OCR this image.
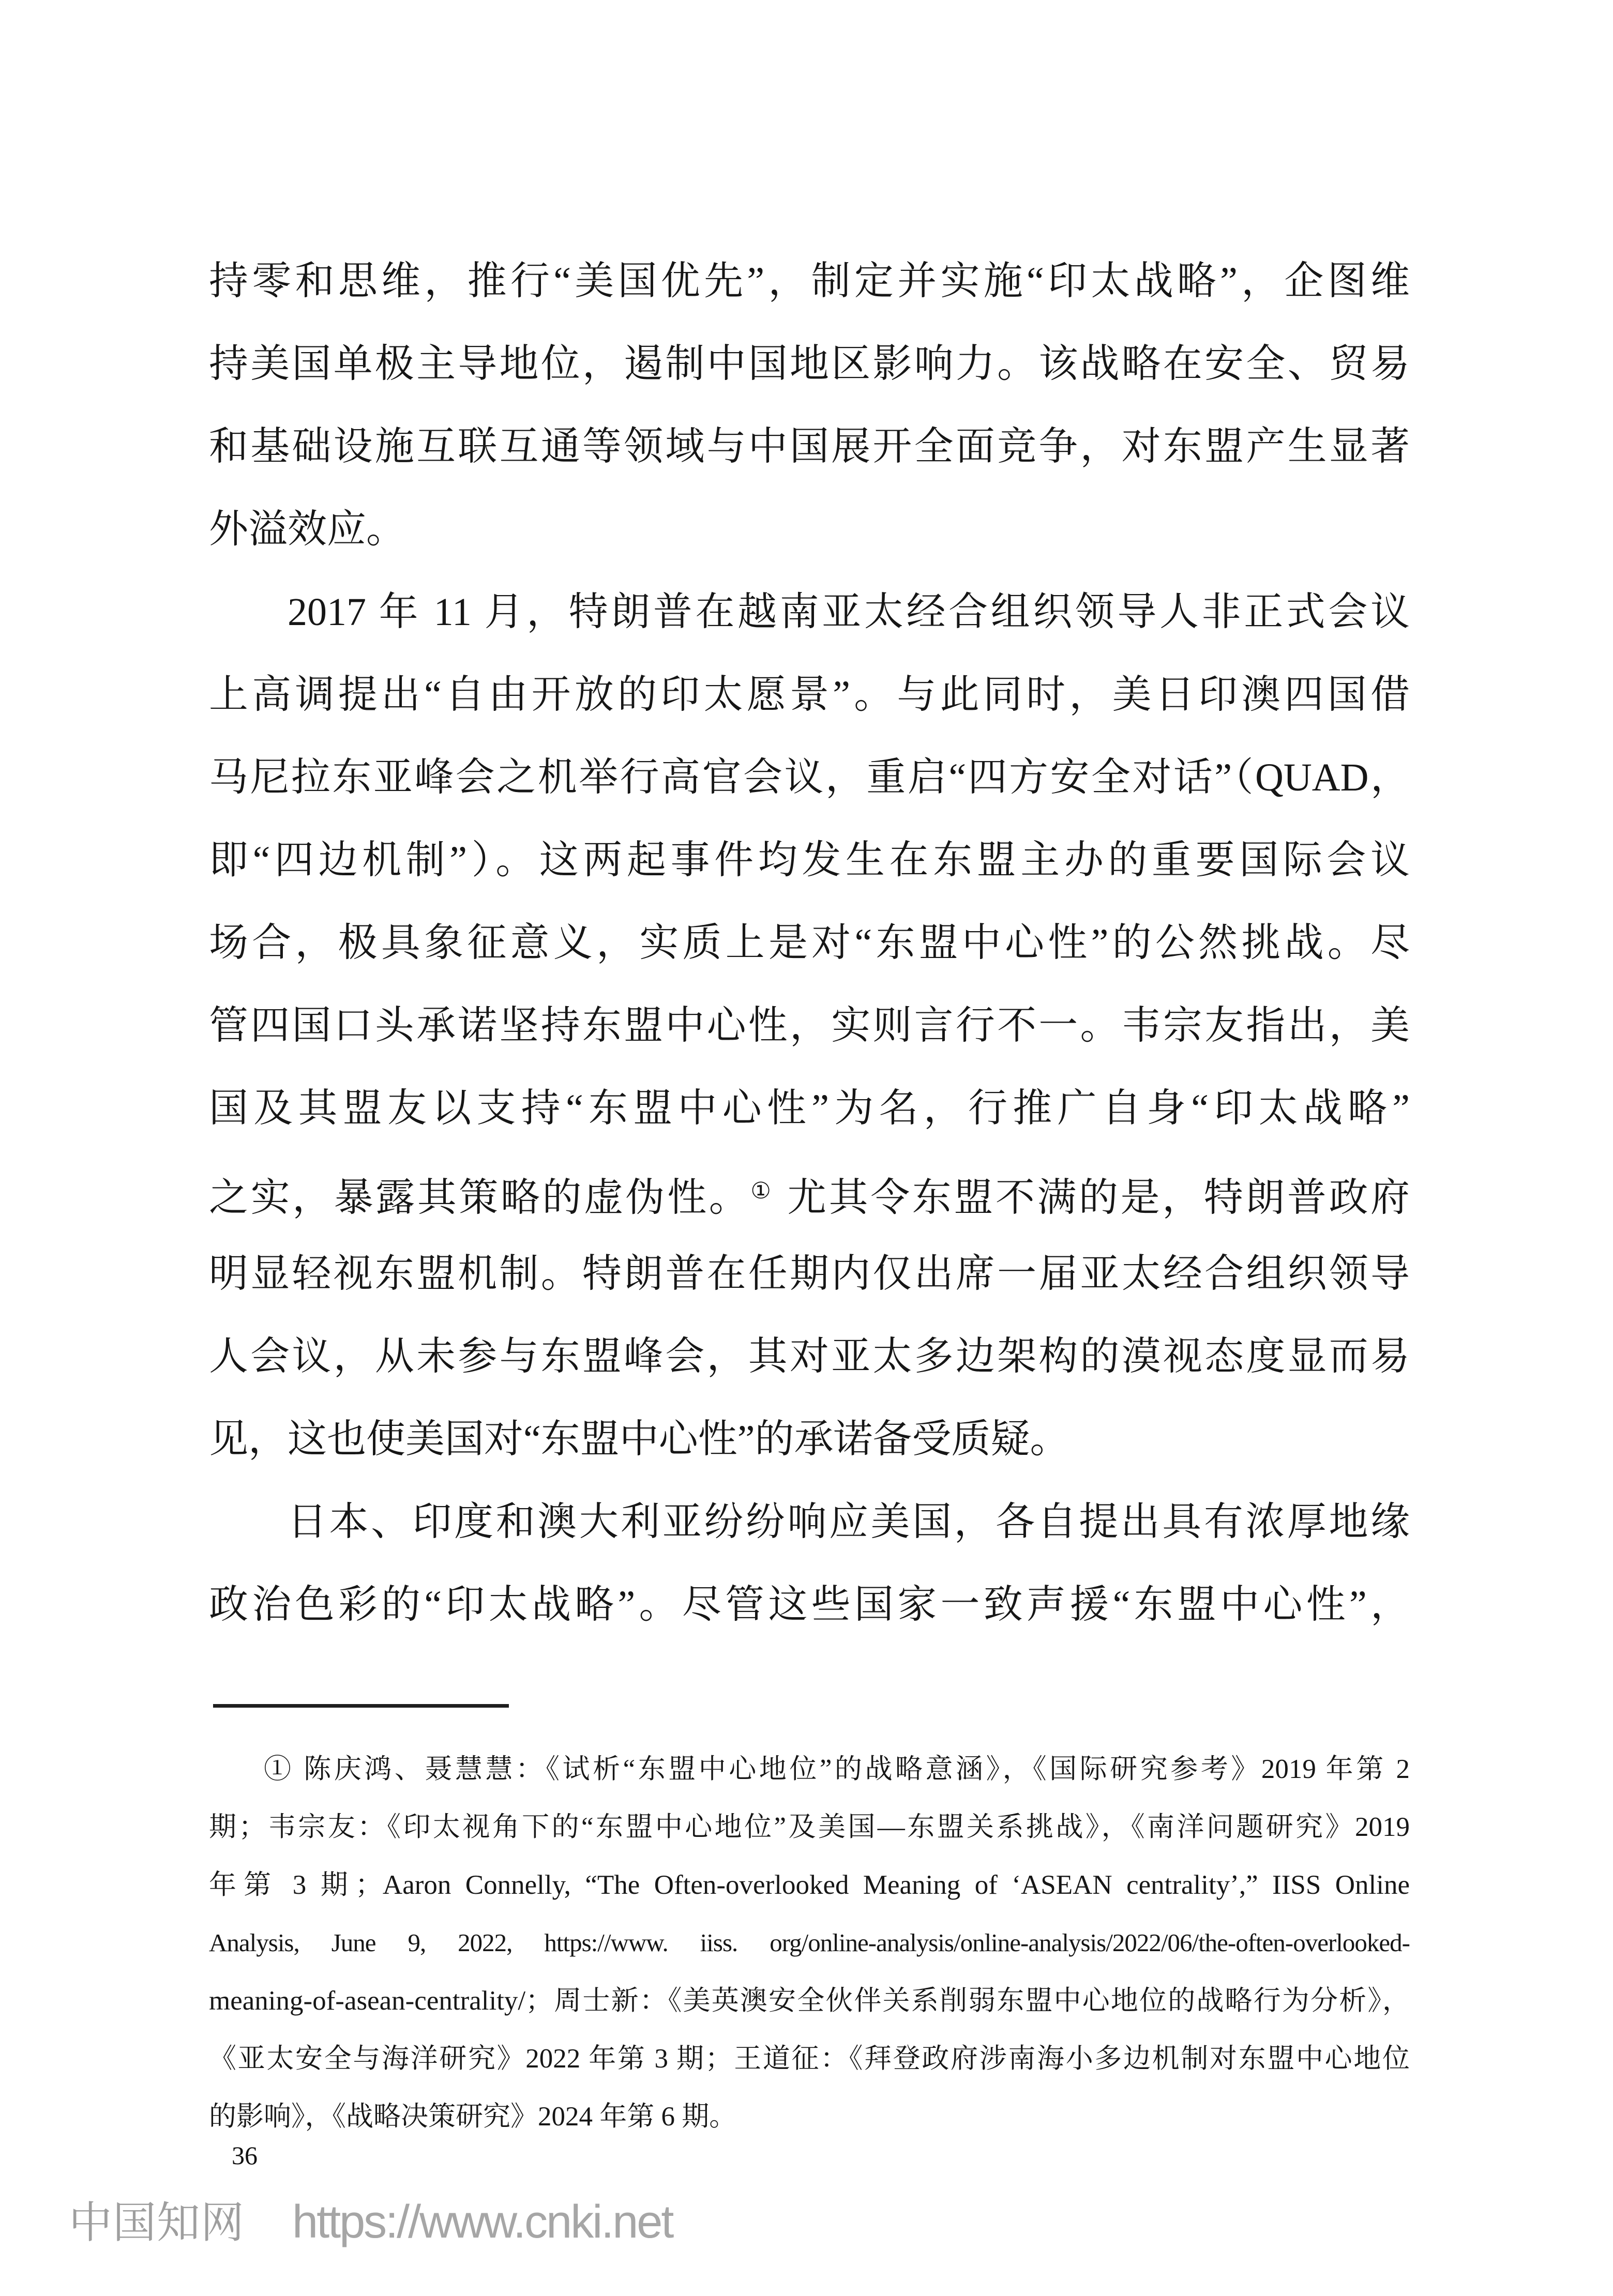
持零和思维，推行“美国优先”，制定并实施“印太战略”，企图维
持美国单极主导地位，遏制中国地区影响力。该战略在安全、贸易
和基础设施互联互通等领域与中国展开全面竞争，对东盟产生显著
外溢效应。
2017 年 11 月，特朗普在越南亚太经合组织领导人非正式会议
上高调提出“自由开放的印太愿景”。与此同时，美日印澳四国借
马尼拉东亚峰会之机举行高官会议，重启“四方安全对话”（QUAD，
即“四边机制”）。这两起事件均发生在东盟主办的重要国际会议
场合，极具象征意义，实质上是对“东盟中心性”的公然挑战。尽
管四国口头承诺坚持东盟中心性，实则言行不一。韦宗友指出，美
国及其盟友以支持“东盟中心性”为名，行推广自身“印太战略”
之实，暴露其策略的虚伪性。① 尤其令东盟不满的是，特朗普政府
明显轻视东盟机制。特朗普在任期内仅出席一届亚太经合组织领导
人会议，从未参与东盟峰会，其对亚太多边架构的漠视态度显而易
见，这也使美国对“东盟中心性”的承诺备受质疑。
日本、印度和澳大利亚纷纷响应美国，各自提出具有浓厚地缘
政治色彩的“印太战略”。尽管这些国家一致声援“东盟中心性”，
① 陈庆鸿、聂慧慧：《试析“东盟中心地位”的战略意涵》，《国际研究参考》2019 年第 2
期；韦宗友：《印太视角下的“东盟中心地位”及美国—东盟关系挑战》，《南洋问题研究》2019
年第 3 期；Aaron Connelly, “The Often-overlooked Meaning of ‘ASEAN centrality’,” IISS Online
Analysis, June 9, 2022, https://www. iiss. org/online-analysis/online-analysis/2022/06/the-often-overlooked-
meaning-of-asean-centrality/；周士新：《美英澳安全伙伴关系削弱东盟中心地位的战略行为分析》，
《亚太安全与海洋研究》2022 年第 3 期；王道征：《拜登政府涉南海小多边机制对东盟中心地位
的影响》，《战略决策研究》2024 年第 6 期。
36
中国知网 https://www.cnki.net
